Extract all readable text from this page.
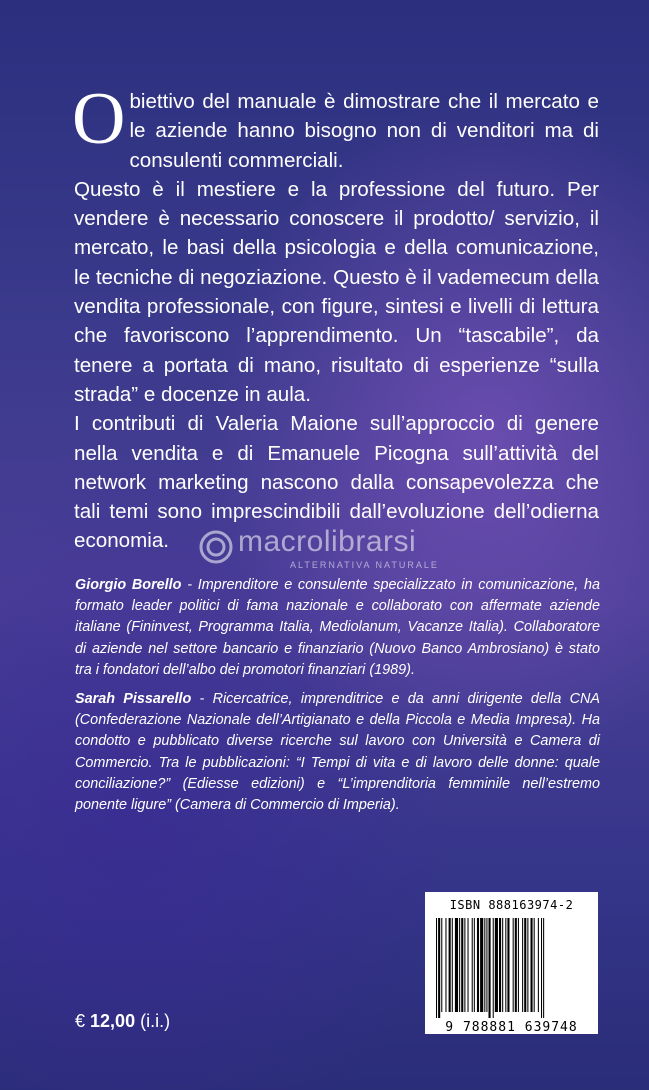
Obiettivo del manuale è dimostrare che il mercato e le aziende hanno bisogno non di venditori ma di consulenti commerciali.

Questo è il mestiere e la professione del futuro. Per vendere è necessario conoscere il prodotto/ servizio, il mercato, le basi della psicologia e della comunicazione, le tecniche di negoziazione. Questo è il vademecum della vendita professionale, con figure, sintesi e livelli di lettura che favoriscono l’apprendimento. Un “tascabile”, da tenere a portata di mano, risultato di esperienze “sulla strada” e docenze in aula.

I contributi di Valeria Maione sull’approccio di genere nella vendita e di Emanuele Picogna sull’attività del network marketing nascono dalla consapevolezza che tali temi sono imprescindibili dall’evoluzione dell’odierna economia.	macrolibrarsi
ALTERNATIVA NATURALE

Giorgio Borello - Imprenditore e consulente specializzato in comunicazione, ha formato leader politici di fama nazionale e collaborato con affermate aziende italiane (Fininvest, Programma Italia, Mediolanum, Vacanze Italia). Collaboratore di aziende nel settore bancario e finanziario (Nuovo Banco Ambrosiano) è stato tra i fondatori dell’albo dei promotori finanziari (1989).

Sarah Pissarello - Ricercatrice, imprenditrice e da anni dirigente della CNA (Confederazione Nazionale dell’Artigianato e della Piccola e Media Impresa). Ha condotto e pubblicato diverse ricerche sul lavoro con Università e Camera di Commercio. Tra le pubblicazioni: “I Tempi di vita e di lavoro delle donne: quale conciliazione?” (Ediesse edizioni) e “L’imprenditoria femminile nell’estremo ponente ligure” (Camera di Commercio di Imperia).

ISBN 888163974-2
9 788881 639748
€ 12,00 (i.i.)
